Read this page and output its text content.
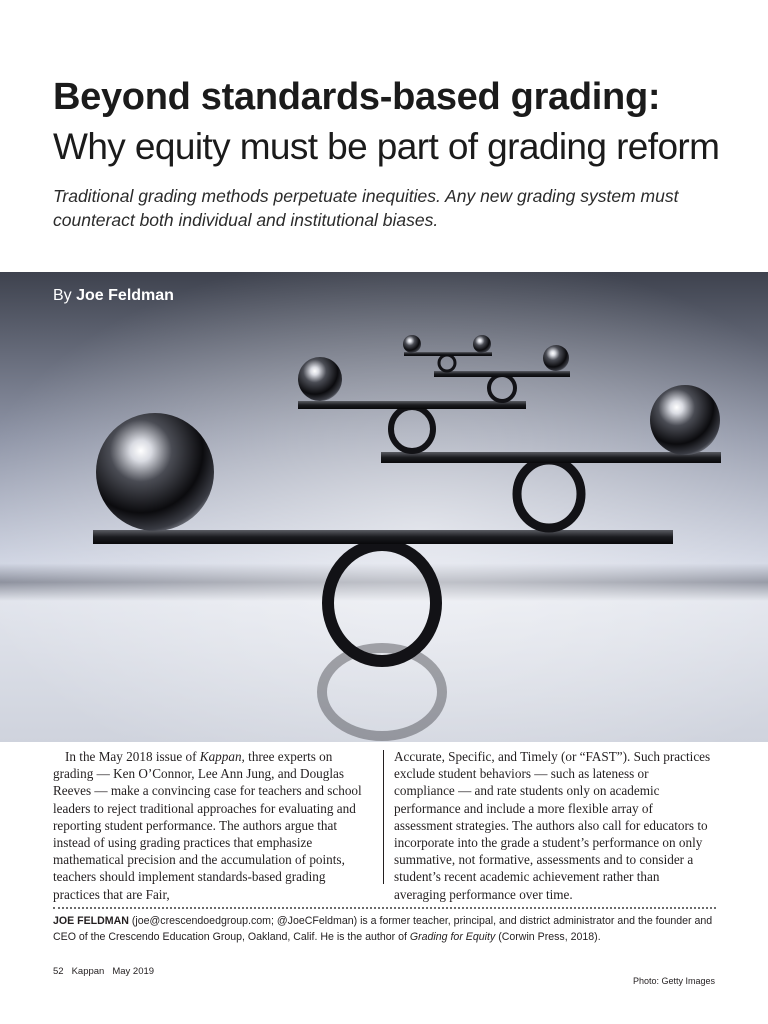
Beyond standards-based grading:
Why equity must be part of grading reform

Traditional grading methods perpetuate inequities. Any new grading system must counteract both individual and institutional biases.

By Joe Feldman

In the May 2018 issue of Kappan, three experts on grading — Ken O’Connor, Lee Ann Jung, and Douglas Reeves — make a convincing case for teachers and school leaders to reject traditional approaches for evaluating and reporting student performance. The authors argue that instead of using grading practices that emphasize mathematical precision and the accumulation of points, teachers should implement standards-based grading practices that are Fair,

Accurate, Specific, and Timely (or “FAST”). Such practices exclude student behaviors — such as lateness or compliance — and rate students only on academic performance and include a more flexible array of assessment strategies. The authors also call for educators to incorporate into the grade a student’s performance on only summative, not formative, assessments and to consider a student’s recent academic achievement rather than averaging performance over time.

JOE FELDMAN (joe@crescendoedgroup.com; @JoeCFeldman) is a former teacher, principal, and district administrator and the founder and CEO of the Crescendo Education Group, Oakland, Calif. He is the author of Grading for Equity (Corwin Press, 2018).

52 Kappan May 2019

Photo: Getty Images
